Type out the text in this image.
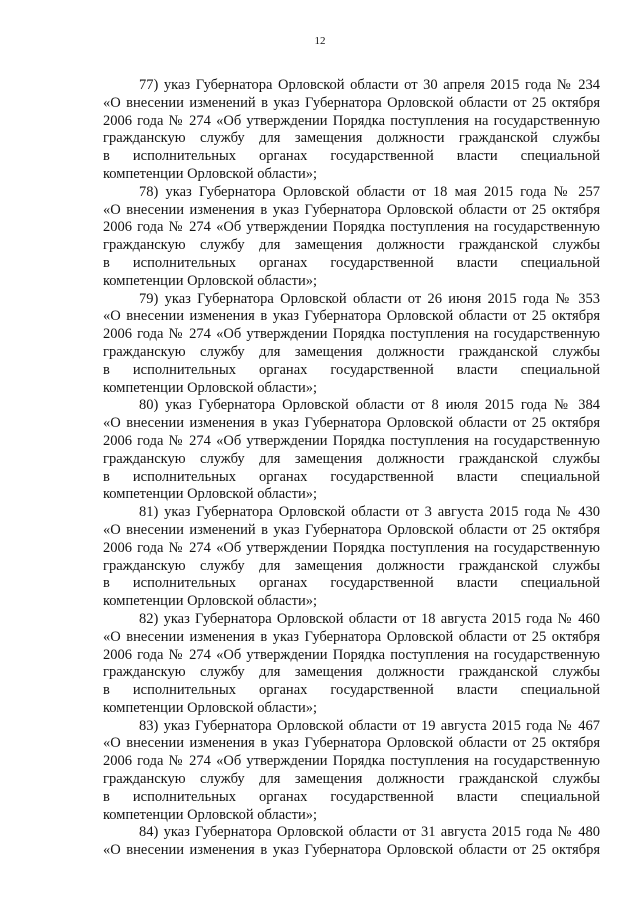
12

77) указ Губернатора Орловской области от 30 апреля 2015 года № 234
«О внесении изменений в указ Губернатора Орловской области от 25 октября
2006 года № 274 «Об утверждении Порядка поступления на государственную
гражданскую службу для замещения должности гражданской службы
в исполнительных органах государственной власти специальной
компетенции Орловской области»;

78) указ Губернатора Орловской области от 18 мая 2015 года № 257
«О внесении изменения в указ Губернатора Орловской области от 25 октября
2006 года № 274 «Об утверждении Порядка поступления на государственную
гражданскую службу для замещения должности гражданской службы
в исполнительных органах государственной власти специальной
компетенции Орловской области»;

79) указ Губернатора Орловской области от 26 июня 2015 года № 353
«О внесении изменения в указ Губернатора Орловской области от 25 октября
2006 года № 274 «Об утверждении Порядка поступления на государственную
гражданскую службу для замещения должности гражданской службы
в исполнительных органах государственной власти специальной
компетенции Орловской области»;

80) указ Губернатора Орловской области от 8 июля 2015 года № 384
«О внесении изменения в указ Губернатора Орловской области от 25 октября
2006 года № 274 «Об утверждении Порядка поступления на государственную
гражданскую службу для замещения должности гражданской службы
в исполнительных органах государственной власти специальной
компетенции Орловской области»;

81) указ Губернатора Орловской области от 3 августа 2015 года № 430
«О внесении изменений в указ Губернатора Орловской области от 25 октября
2006 года № 274 «Об утверждении Порядка поступления на государственную
гражданскую службу для замещения должности гражданской службы
в исполнительных органах государственной власти специальной
компетенции Орловской области»;

82) указ Губернатора Орловской области от 18 августа 2015 года № 460
«О внесении изменения в указ Губернатора Орловской области от 25 октября
2006 года № 274 «Об утверждении Порядка поступления на государственную
гражданскую службу для замещения должности гражданской службы
в исполнительных органах государственной власти специальной
компетенции Орловской области»;

83) указ Губернатора Орловской области от 19 августа 2015 года № 467
«О внесении изменения в указ Губернатора Орловской области от 25 октября
2006 года № 274 «Об утверждении Порядка поступления на государственную
гражданскую службу для замещения должности гражданской службы
в исполнительных органах государственной власти специальной
компетенции Орловской области»;

84) указ Губернатора Орловской области от 31 августа 2015 года № 480
«О внесении изменения в указ Губернатора Орловской области от 25 октября
